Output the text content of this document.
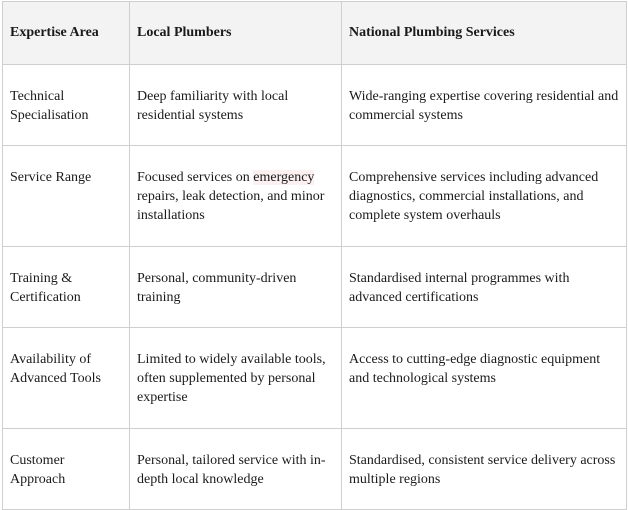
Expertise Area	Local Plumbers	National Plumbing Services
Technical Specialisation	Deep familiarity with local residential systems	Wide-ranging expertise covering residential and commercial systems
Service Range	Focused services on emergency repairs, leak detection, and minor installations	Comprehensive services including advanced diagnostics, commercial installations, and complete system overhauls
Training & Certification	Personal, community-driven training	Standardised internal programmes with advanced certifications
Availability of Advanced Tools	Limited to widely available tools, often supplemented by personal expertise	Access to cutting-edge diagnostic equipment and technological systems
Customer Approach	Personal, tailored service with in-depth local knowledge	Standardised, consistent service delivery across multiple regions
